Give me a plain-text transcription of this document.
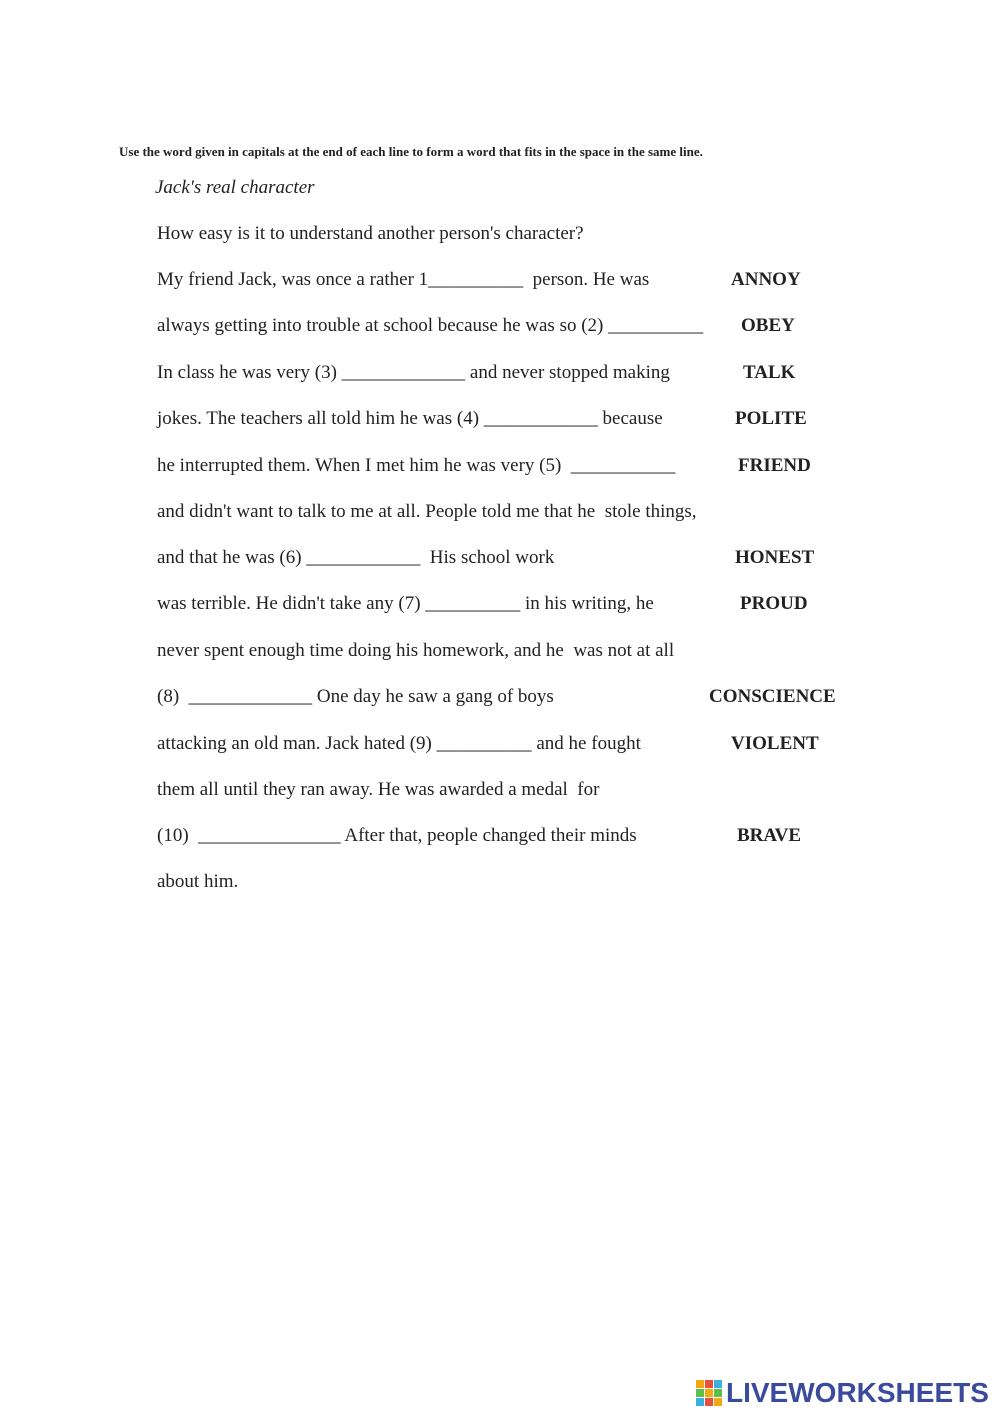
Use the word given in capitals at the end of each line to form a word that fits in the space in the same line.
Jack's real character
How easy is it to understand another person's character?
My friend Jack, was once a rather 1__________  person. He was	ANNOY
always getting into trouble at school because he was so (2) __________ OBEY
In class he was very (3) _____________ and never stopped making	TALK
jokes. The teachers all told him he was (4) ____________ because	POLITE
he interrupted them. When I met him he was very (5)  ___________	FRIEND
and didn't want to talk to me at all. People told me that he  stole things,
and that he was (6) ____________  His school work	HONEST
was terrible. He didn't take any (7) __________ in his writing, he	PROUD
never spent enough time doing his homework, and he  was not at all
(8)  _____________ One day he saw a gang of boys	CONSCIENCE
attacking an old man. Jack hated (9) __________ and he fought	VIOLENT
them all until they ran away. He was awarded a medal  for
(10)  _______________ After that, people changed their minds	BRAVE
about him.
LIVEWORKSHEETS
